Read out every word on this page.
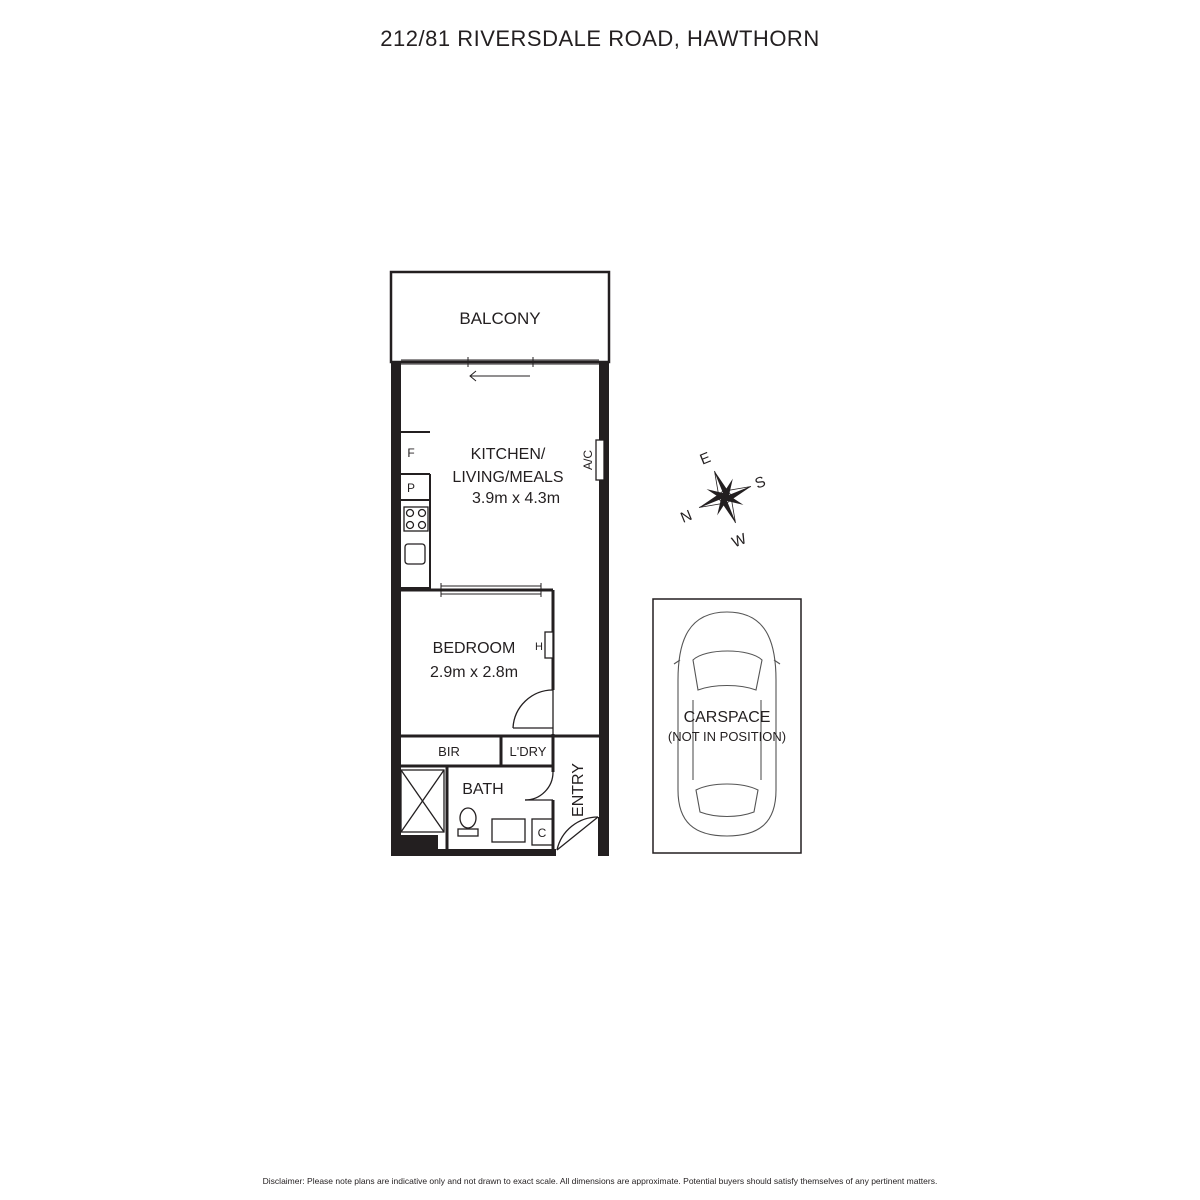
212/81 RIVERSDALE ROAD, HAWTHORN
BALCONY
KITCHEN/
LIVING/MEALS
3.9m x 4.3m
F
P
A/C
BEDROOM
2.9m x 2.8m
H
BIR	L'DRY
BATH
C
ENTRY
CARSPACE
(NOT IN POSITION)
E
S
N
W
Disclaimer: Please note plans are indicative only and not drawn to exact scale. All dimensions are approximate. Potential buyers should satisfy themselves of any pertinent matters.
